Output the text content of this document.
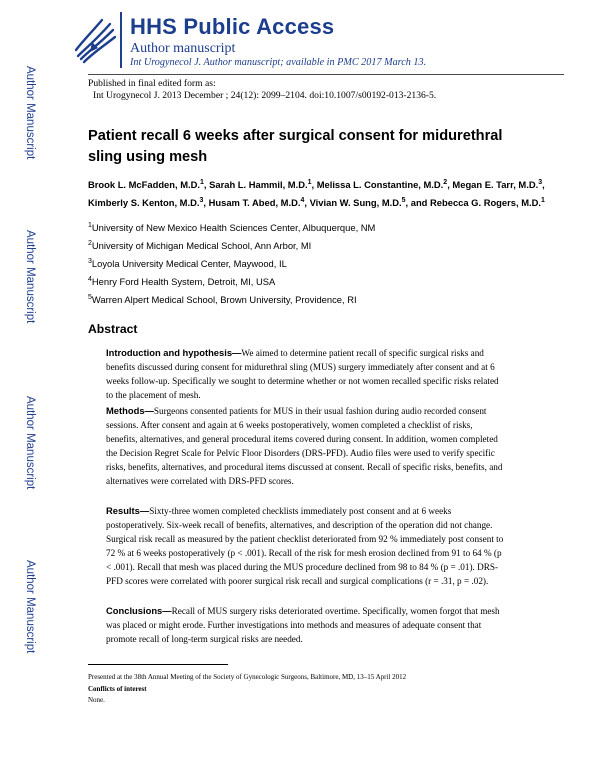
HHS Public Access
Author manuscript
Int Urogynecol J. Author manuscript; available in PMC 2017 March 13.
Published in final edited form as:
Int Urogynecol J. 2013 December ; 24(12): 2099–2104. doi:10.1007/s00192-013-2136-5.
Author Manuscript
Author Manuscript
Author Manuscript
Author Manuscript
Patient recall 6 weeks after surgical consent for midurethral sling using mesh
Brook L. McFadden, M.D.$^1$, Sarah L. Hammil, M.D.$^1$, Melissa L. Constantine, M.D.$^2$, Megan E. Tarr, M.D.$^3$, Kimberly S. Kenton, M.D.$^3$, Husam T. Abed, M.D.$^4$, Vivian W. Sung, M.D.$^5$, and Rebecca G. Rogers, M.D.$^1$
$^1$University of New Mexico Health Sciences Center, Albuquerque, NM
$^2$University of Michigan Medical School, Ann Arbor, MI
$^3$Loyola University Medical Center, Maywood, IL
$^4$Henry Ford Health System, Detroit, MI, USA
$^5$Warren Alpert Medical School, Brown University, Providence, RI
Abstract
Introduction and hypothesis—We aimed to determine patient recall of specific surgical risks and benefits discussed during consent for midurethral sling (MUS) surgery immediately after consent and at 6 weeks follow-up. Specifically we sought to determine whether or not women recalled specific risks related to the placement of mesh.
Methods—Surgeons consented patients for MUS in their usual fashion during audio recorded consent sessions. After consent and again at 6 weeks postoperatively, women completed a checklist of risks, benefits, alternatives, and general procedural items covered during consent. In addition, women completed the Decision Regret Scale for Pelvic Floor Disorders (DRS-PFD). Audio files were used to verify specific risks, benefits, alternatives, and procedural items discussed at consent. Recall of specific risks, benefits, and alternatives were correlated with DRS-PFD scores.
Results—Sixty-three women completed checklists immediately post consent and at 6 weeks postoperatively. Six-week recall of benefits, alternatives, and description of the operation did not change. Surgical risk recall as measured by the patient checklist deteriorated from 92 % immediately post consent to 72 % at 6 weeks postoperatively (p < .001). Recall of the risk for mesh erosion declined from 91 to 64 % (p < .001). Recall that mesh was placed during the MUS procedure declined from 98 to 84 % (p = .01). DRS-PFD scores were correlated with poorer surgical risk recall and surgical complications (r = .31, p = .02).
Conclusions—Recall of MUS surgery risks deteriorated overtime. Specifically, women forgot that mesh was placed or might erode. Further investigations into methods and measures of adequate consent that promote recall of long-term surgical risks are needed.
Presented at the 38th Annual Meeting of the Society of Gynecologic Surgeons, Baltimore, MD, 13–15 April 2012
Conflicts of interest
None.
